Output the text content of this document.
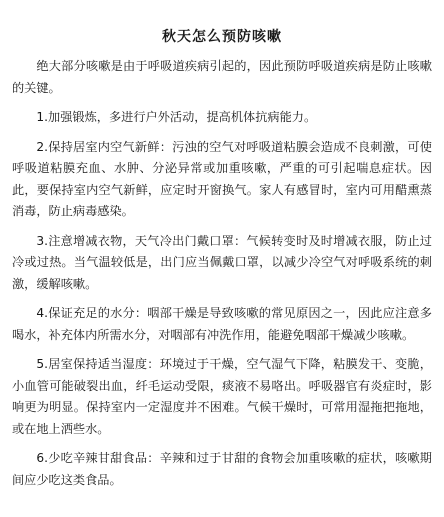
秋天怎么预防咳嗽

绝大部分咳嗽是由于呼吸道疾病引起的，因此预防呼吸道疾病是防止咳嗽的关键。

1.加强锻炼，多进行户外活动，提高机体抗病能力。

2.保持居室内空气新鲜：污浊的空气对呼吸道粘膜会造成不良刺激，可使呼吸道粘膜充血、水肿、分泌异常或加重咳嗽，严重的可引起喘息症状。因此，要保持室内空气新鲜，应定时开窗换气。家人有感冒时，室内可用醋熏蒸消毒，防止病毒感染。

3.注意增减衣物，天气冷出门戴口罩：气候转变时及时增减衣服，防止过冷或过热。当气温较低是，出门应当佩戴口罩，以减少冷空气对呼吸系统的刺激，缓解咳嗽。

4.保证充足的水分：咽部干燥是导致咳嗽的常见原因之一，因此应注意多喝水，补充体内所需水分，对咽部有冲洗作用，能避免咽部干燥减少咳嗽。

5.居室保持适当湿度：环境过于干燥，空气湿气下降，粘膜发干、变脆，小血管可能破裂出血，纤毛运动受限，痰液不易咯出。呼吸器官有炎症时，影响更为明显。保持室内一定湿度并不困难。气候干燥时，可常用湿拖把拖地，或在地上洒些水。

6.少吃辛辣甘甜食品：辛辣和过于甘甜的食物会加重咳嗽的症状，咳嗽期间应少吃这类食品。
